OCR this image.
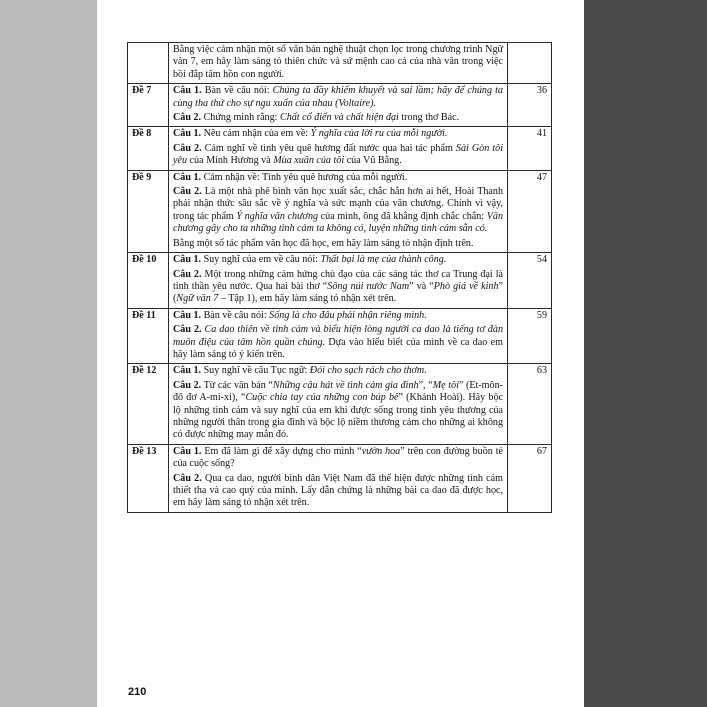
	Bằng việc cảm nhận một số văn bản nghệ thuật chọn lọc trong chương trình Ngữ văn 7, em hãy làm sáng tỏ thiên chức và sứ mệnh cao cả của nhà văn trong việc bồi đắp tâm hồn con người.	

Đề 7	Câu 1. Bàn về câu nói: Chúng ta đầy khiếm khuyết và sai lầm; hãy để chúng ta cùng tha thứ cho sự ngu xuẩn của nhau (Voltaire).

Câu 2. Chứng minh rằng: Chất cổ điển và chất hiện đại trong thơ Bác.	36
Đề 8	Câu 1. Nêu cảm nhận của em về: Ý nghĩa của lời ru của mỗi người.

Câu 2. Cảm nghĩ về tình yêu quê hương đất nước qua hai tác phẩm Sài Gòn tôi yêu của Minh Hương và Mùa xuân của tôi của Vũ Bằng.	41
Đề 9	Câu 1. Cảm nhận về: Tình yêu quê hương của mỗi người.

Câu 2. Là một nhà phê bình văn học xuất sắc, chắc hẳn hơn ai hết, Hoài Thanh phải nhận thức sâu sắc về ý nghĩa và sức mạnh của văn chương. Chính vì vậy, trong tác phẩm Ý nghĩa văn chương của mình, ông đã khẳng định chắc chắn: Văn chương gây cho ta những tình cảm ta không có, luyện những tình cảm sẵn có.

Bằng một số tác phẩm văn học đã học, em hãy làm sáng tỏ nhận định trên.	47
Đề 10	Câu 1. Suy nghĩ của em về câu nói: Thất bại là mẹ của thành công.

Câu 2. Một trong những cảm hứng chủ đạo của các sáng tác thơ ca Trung đại là tinh thần yêu nước. Qua hai bài thơ “Sông núi nước Nam” và “Phò giá về kinh” (Ngữ văn 7 – Tập 1), em hãy làm sáng tỏ nhận xét trên.	54
Đề 11	Câu 1. Bàn về câu nói: Sống là cho đâu phải nhận riêng mình.

Câu 2. Ca dao thiên về tình cảm và biểu hiện lòng người ca dao là tiếng tơ đàn muôn điệu của tâm hồn quần chúng. Dựa vào hiểu biết của mình về ca dao em hãy làm sáng tỏ ý kiến trên.	59
Đề 12	Câu 1. Suy nghĩ về câu Tục ngữ: Đói cho sạch rách cho thơm.

Câu 2. Từ các văn bản “Những câu hát về tình cảm gia đình”, “Mẹ tôi” (Et-môn-đô đơ A-mi-xi), “Cuộc chia tay của những con búp bê” (Khánh Hoài). Hãy bộc lộ những tình cảm và suy nghĩ của em khi được sống trong tình yêu thương của những người thân trong gia đình và bộc lộ niềm thương cảm cho những ai không có được những may mắn đó.	63
Đề 13	Câu 1. Em đã làm gì để xây dựng cho mình “vườn hoa” trên con đường buồn tẻ của cuộc sống?

Câu 2. Qua ca dao, người bình dân Việt Nam đã thể hiện được những tình cảm thiết tha và cao quý của mình. Lấy dẫn chứng là những bài ca dao đã được học, em hãy làm sáng tỏ nhận xét trên.	67
210
